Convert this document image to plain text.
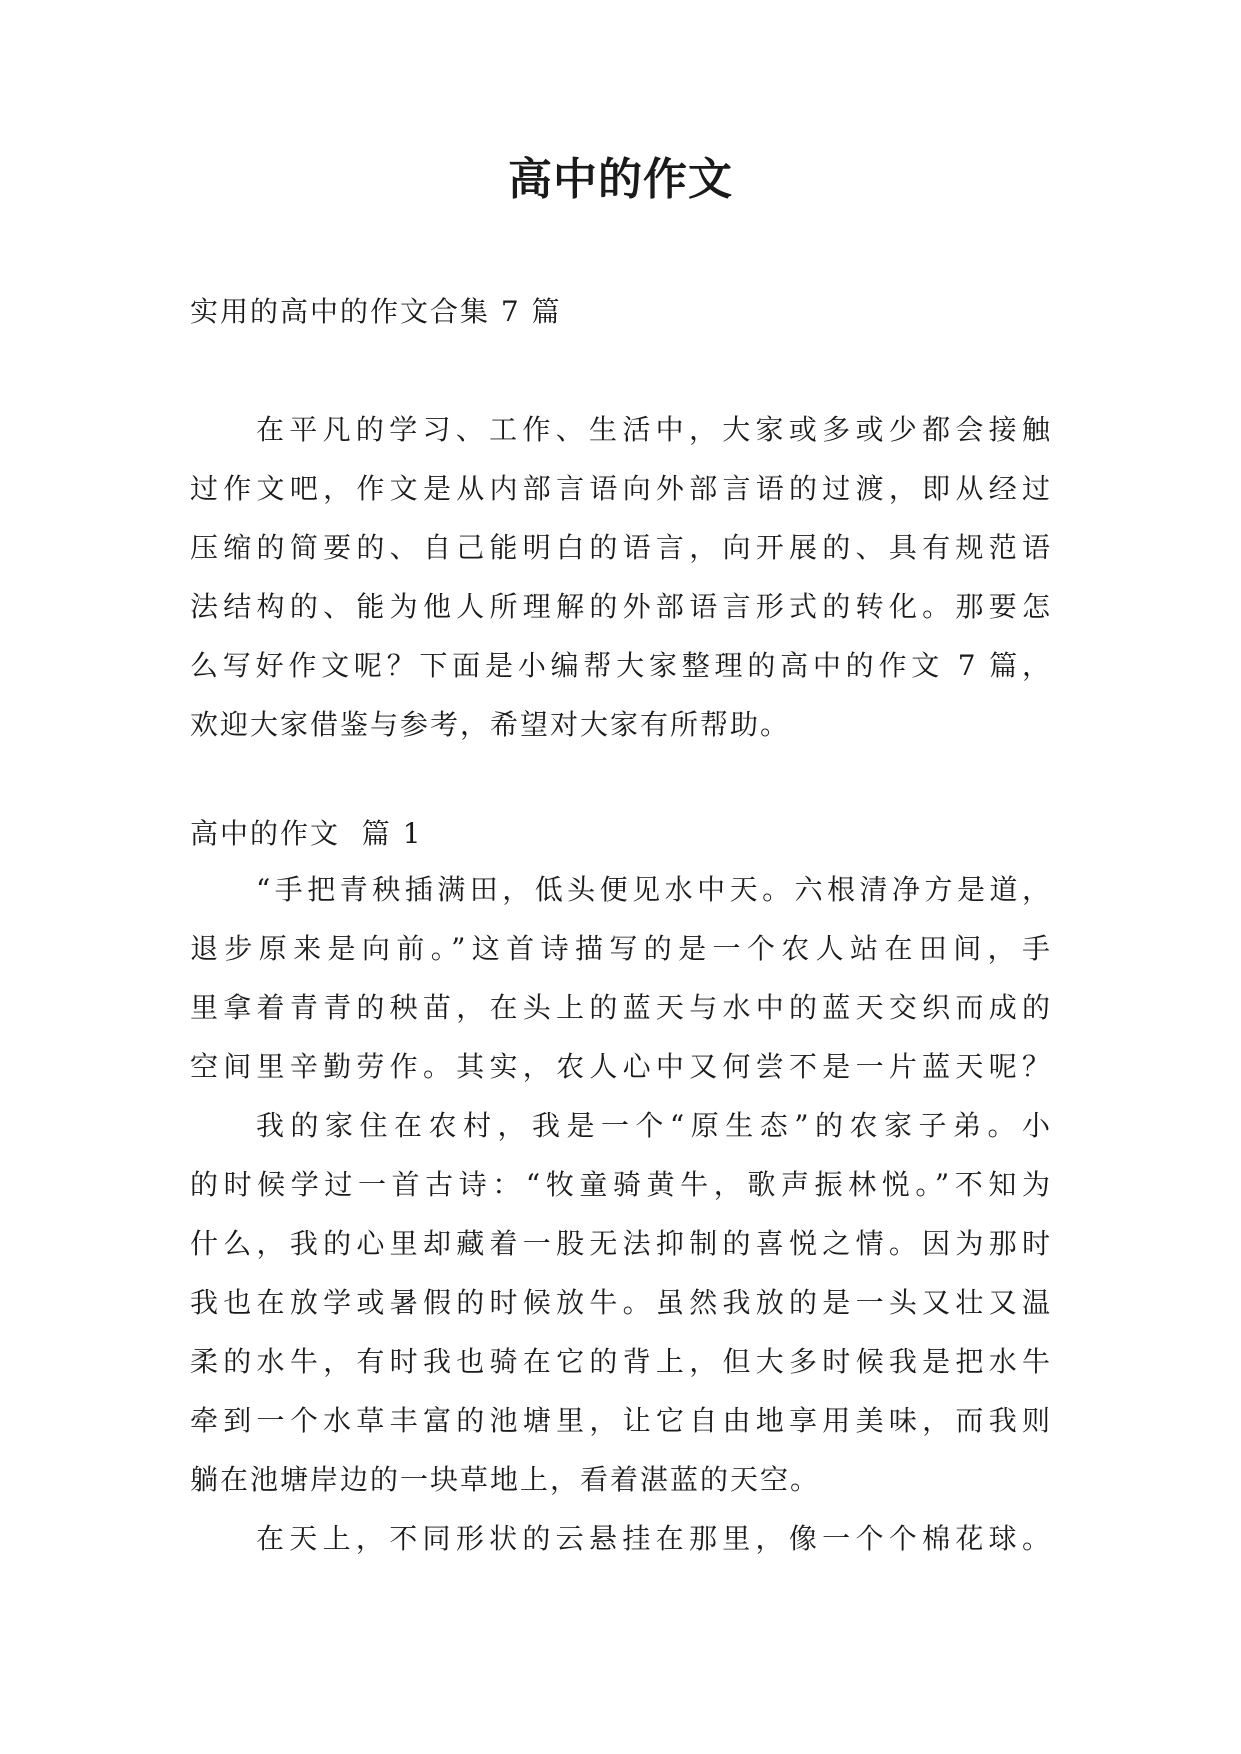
高中的作文

实用的高中的作文合集 7 篇

在平凡的学习、工作、生活中，大家或多或少都会接触
过作文吧，作文是从内部言语向外部言语的过渡，即从经过
压缩的简要的、自己能明白的语言，向开展的、具有规范语
法结构的、能为他人所理解的外部语言形式的转化。那要怎
么写好作文呢？下面是小编帮大家整理的高中的作文 7 篇，
欢迎大家借鉴与参考，希望对大家有所帮助。

高中的作文  篇 1

“手把青秧插满田，低头便见水中天。六根清净方是道，
退步原来是向前。”这首诗描写的是一个农人站在田间，手
里拿着青青的秧苗，在头上的蓝天与水中的蓝天交织而成的
空间里辛勤劳作。其实，农人心中又何尝不是一片蓝天呢？
我的家住在农村，我是一个“原生态”的农家子弟。小
的时候学过一首古诗：“牧童骑黄牛，歌声振林悦。”不知为
什么，我的心里却藏着一股无法抑制的喜悦之情。因为那时
我也在放学或暑假的时候放牛。虽然我放的是一头又壮又温
柔的水牛，有时我也骑在它的背上，但大多时候我是把水牛
牵到一个水草丰富的池塘里，让它自由地享用美味，而我则
躺在池塘岸边的一块草地上，看着湛蓝的天空。
在天上，不同形状的云悬挂在那里，像一个个棉花球。
